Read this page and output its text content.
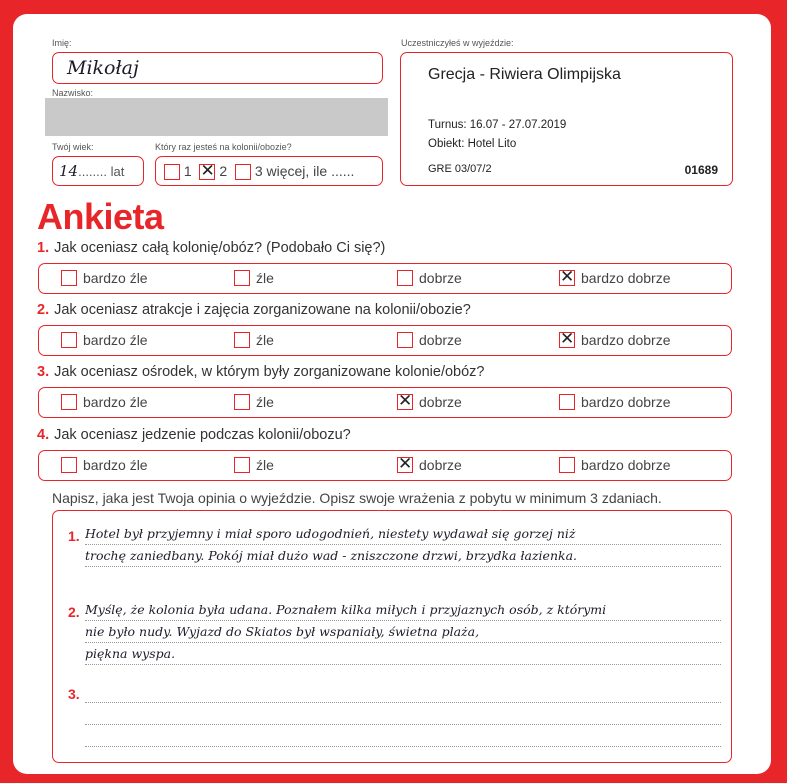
Imię:
Mikołaj
Nazwisko:
Twój wiek:
14........ lat
Który raz jesteś na kolonii/obozie?
1 ✕ 2 3 więcej, ile ......
Uczestniczyłeś w wyjeździe:
Grecja - Riwiera Olimpijska
Turnus: 16.07 - 27.07.2019
Obiekt: Hotel Lito
GRE 03/07/2	01689
Ankieta
1. Jak oceniasz całą kolonię/obóz? (Podobało Ci się?)
bardzo źle	źle	dobrze ✕	bardzo dobrze
2. Jak oceniasz atrakcje i zajęcia zorganizowane na kolonii/obozie?
bardzo źle	źle	dobrze ✕	bardzo dobrze
3. Jak oceniasz ośrodek, w którym były zorganizowane kolonie/obóz?
bardzo źle	źle ✕	dobrze	bardzo dobrze
4. Jak oceniasz jedzenie podczas kolonii/obozu?
bardzo źle	źle ✕	dobrze	bardzo dobrze
Napisz, jaka jest Twoja opinia o wyjeździe. Opisz swoje wrażenia z pobytu w minimum 3 zdaniach.
1. Hotel był przyjemny i miał sporo udogodnień, niestety wydawał się gorzej niż
trochę zaniedbany. Pokój miał dużo wad - zniszczone drzwi, brzydka łazienka.
2. Myślę, że kolonia była udana. Poznałem kilka miłych i przyjaznych osób, z którymi
nie było nudy. Wyjazd do Skiatos był wspaniały, świetna plaża,
piękna wyspa.
3.
